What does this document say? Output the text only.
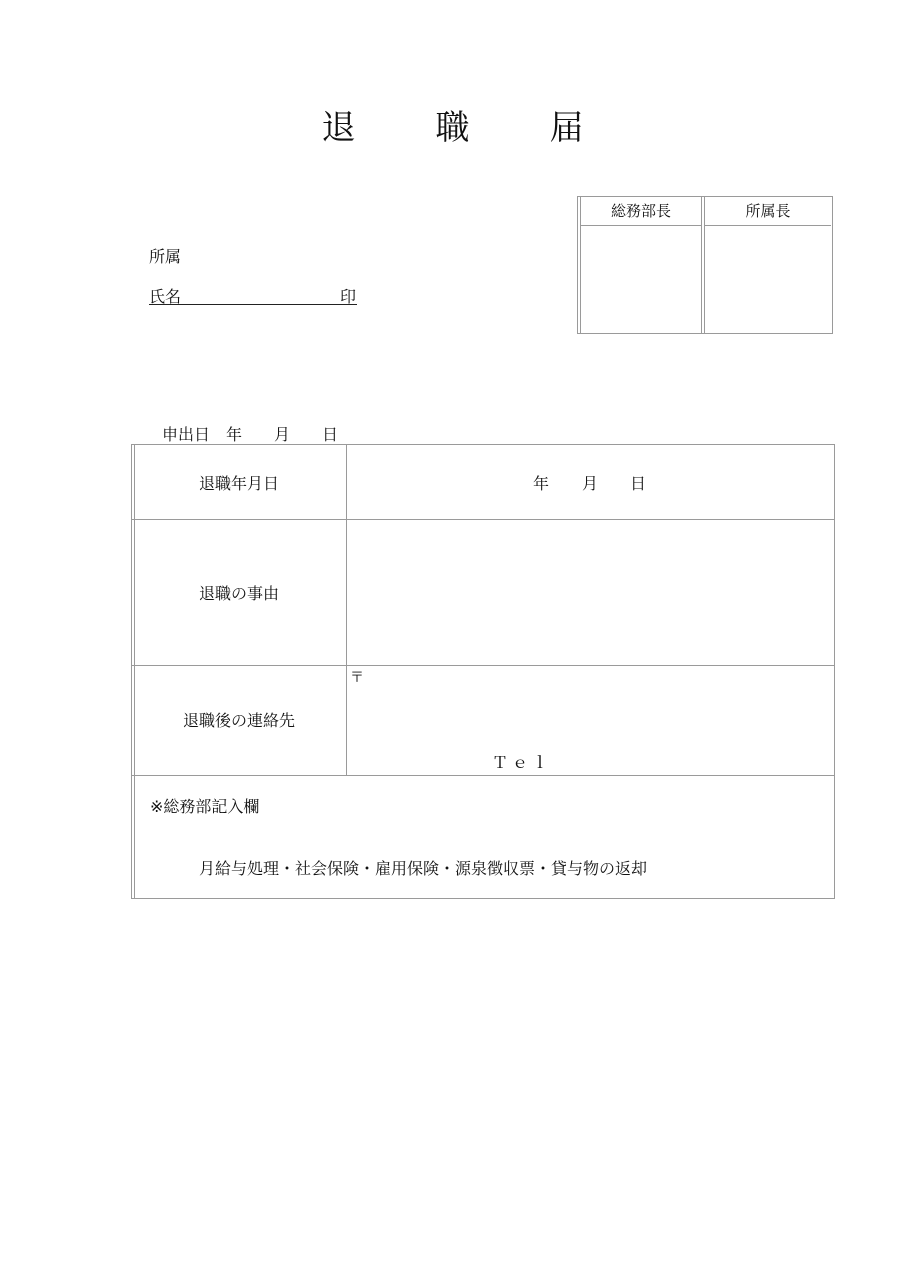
退 職 届
総務部長	所属長
所属
氏名	印
申出日 年 月 日
退職年月日	年 月 日
退職の事由
退職後の連絡先
〒
Ｔｅｌ
※総務部記入欄
月給与処理・社会保険・雇用保険・源泉徴収票・貸与物の返却
